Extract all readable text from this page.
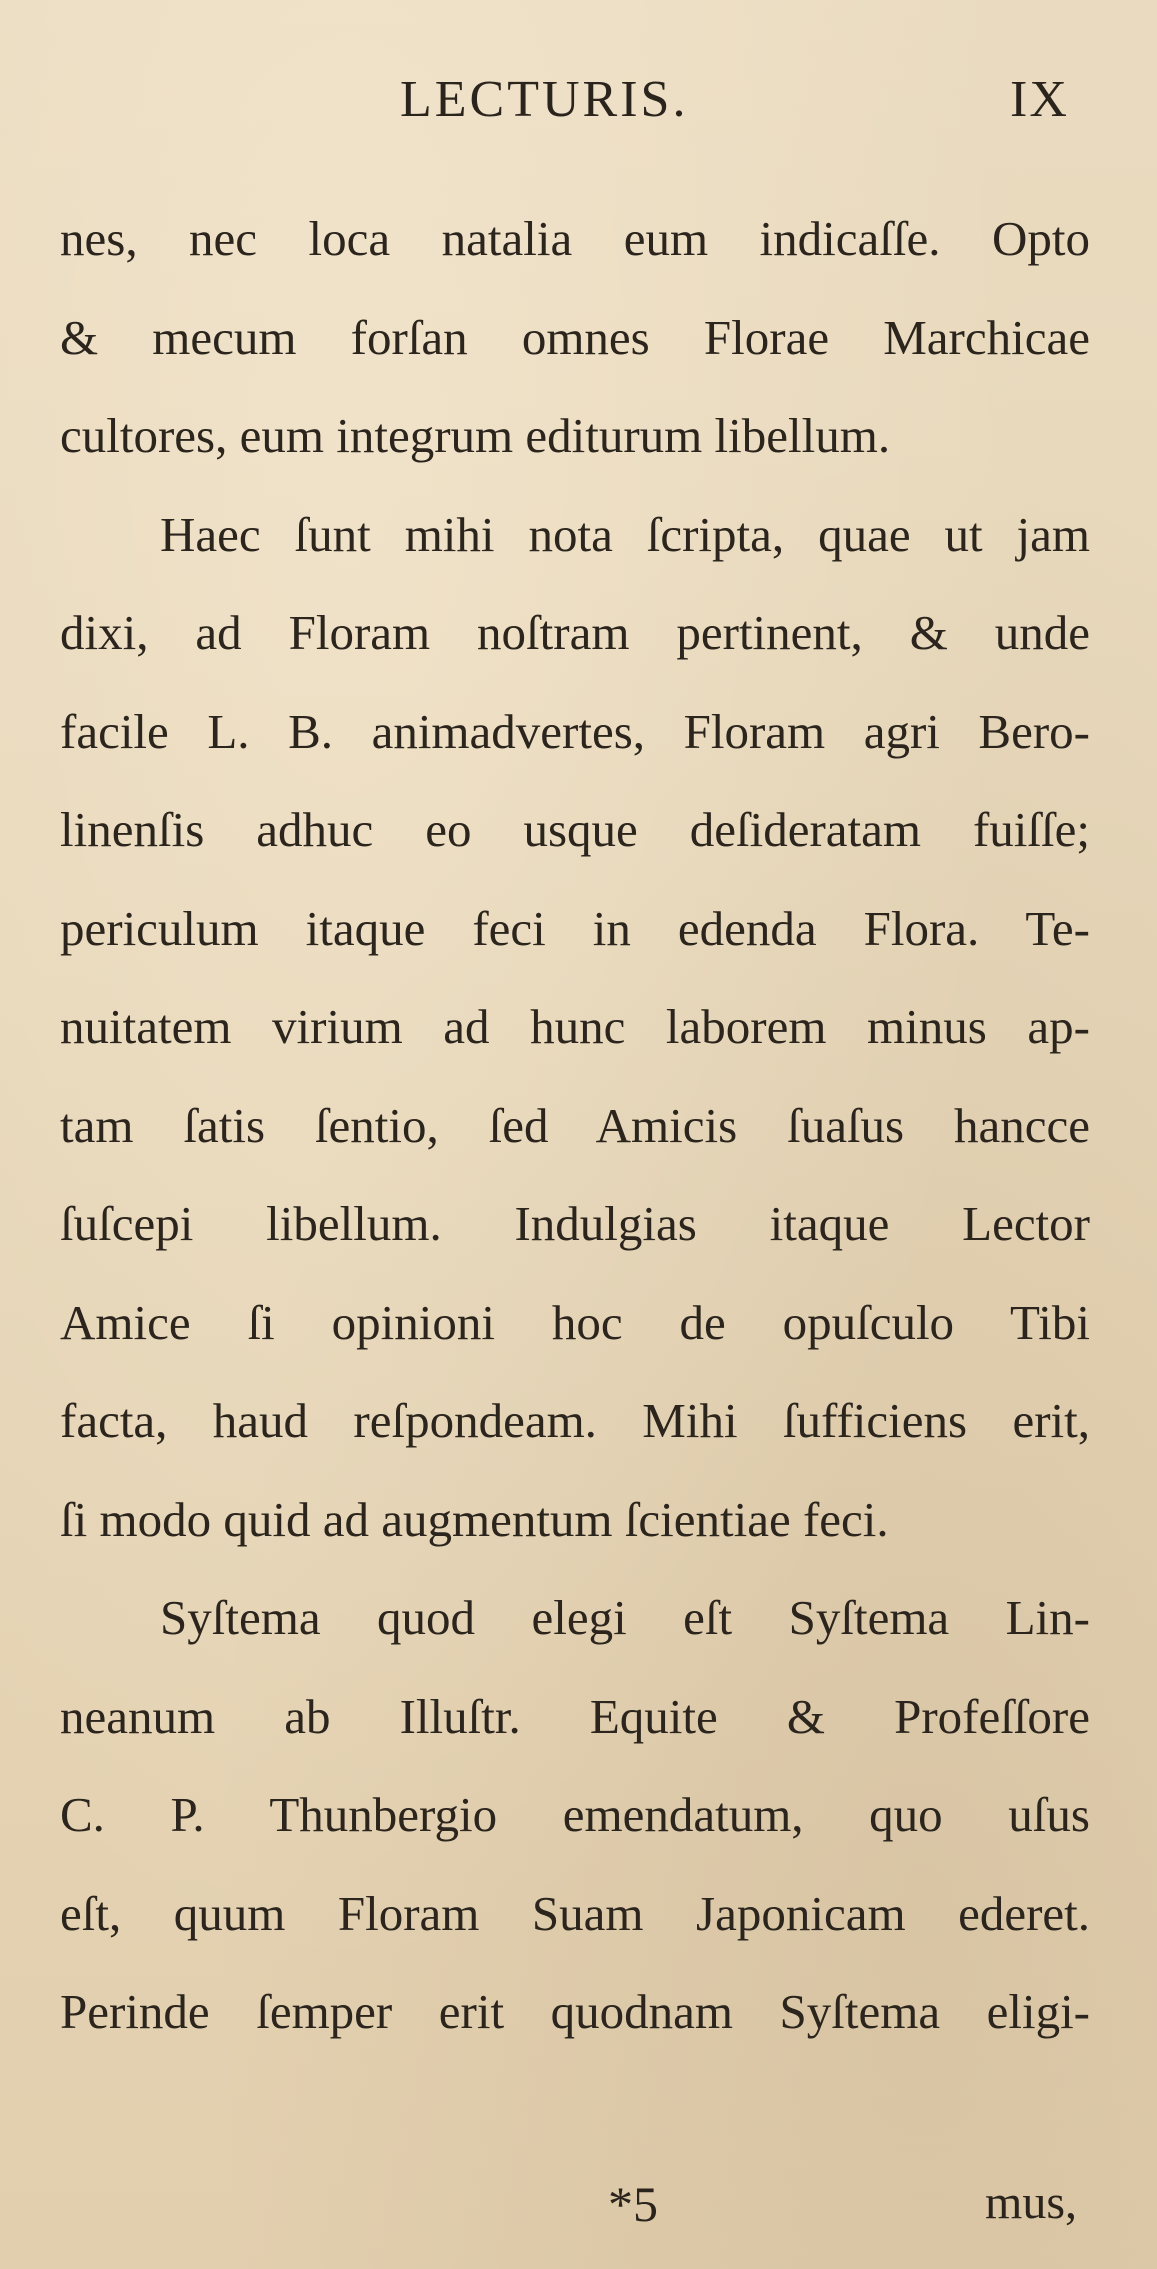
LECTURIS.	IX
nes, nec loca natalia eum indicaſſe. Opto
& mecum forſan omnes Florae Marchicae
cultores, eum integrum editurum libellum.
Haec ſunt mihi nota ſcripta, quae ut jam
dixi, ad Floram noſtram pertinent, & unde
facile L. B. animadvertes, Floram agri Bero-
linenſis adhuc eo usque deſideratam fuiſſe;
periculum itaque feci in edenda Flora. Te-
nuitatem virium ad hunc laborem minus ap-
tam ſatis ſentio, ſed Amicis ſuaſus hancce
ſuſcepi libellum. Indulgias itaque Lector
Amice ſi opinioni hoc de opuſculo Tibi
facta, haud reſpondeam. Mihi ſufficiens erit,
ſi modo quid ad augmentum ſcientiae feci.
Syſtema quod elegi eſt Syſtema Lin-
neanum ab Illuſtr. Equite & Profeſſore
C. P. Thunbergio emendatum, quo uſus
eſt, quum Floram Suam Japonicam ederet.
Perinde ſemper erit quodnam Syſtema eligi-
*5	mus,
